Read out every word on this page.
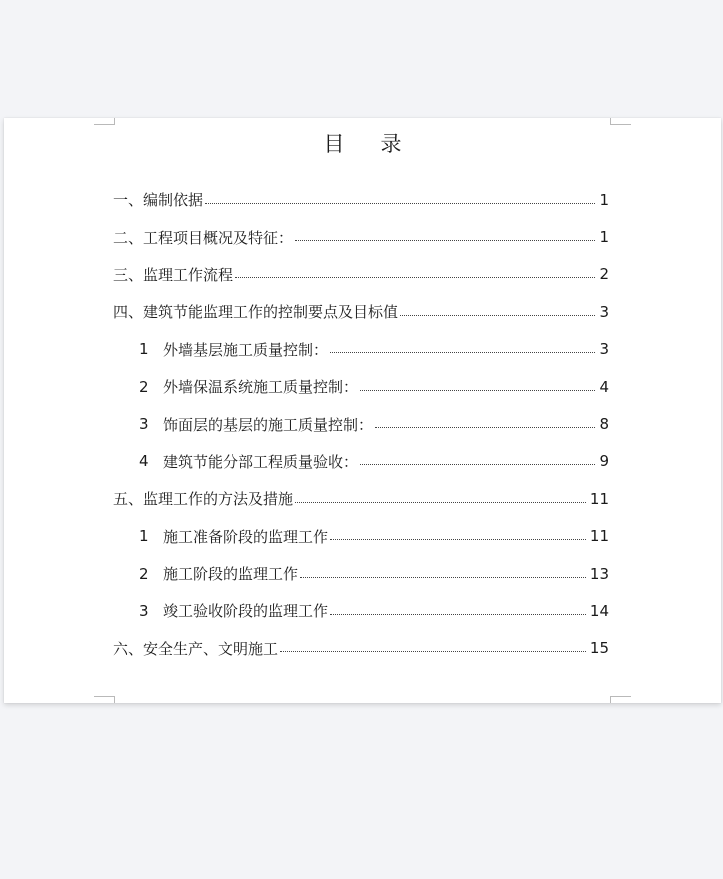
目录
一、编制依据	1
二、工程项目概况及特征：	1
三、监理工作流程	2
四、建筑节能监理工作的控制要点及目标值	3
1 外墙基层施工质量控制：	3
2 外墙保温系统施工质量控制：	4
3 饰面层的基层的施工质量控制：	8
4 建筑节能分部工程质量验收：	9
五、监理工作的方法及措施	11
1 施工准备阶段的监理工作	11
2 施工阶段的监理工作	13
3 竣工验收阶段的监理工作	14
六、安全生产、文明施工	15
